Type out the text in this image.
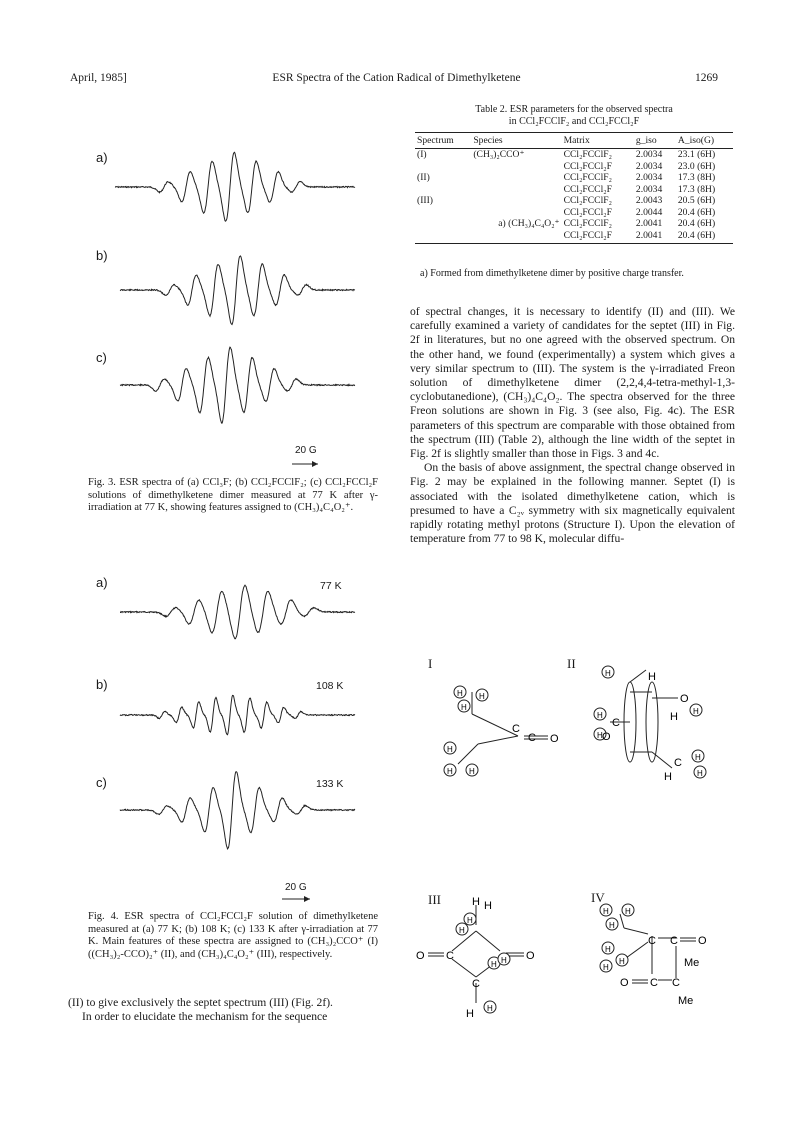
April, 1985]	ESR Spectra of the Cation Radical of Dimethylketene	1269
a)
b)
c)
20 G
Fig. 3. ESR spectra of (a) CCl₃F; (b) CCl₂FCClF₂; (c) CCl₂FCCl₂F solutions of dimethylketene dimer measured at 77 K after γ-irradiation at 77 K, showing features assigned to (CH₃)₄C₄O₂⁺.
a)
b)
c)
77 K
108 K
133 K
20 G
Fig. 4. ESR spectra of CCl₂FCCl₂F solution of dimethylketene measured at (a) 77 K; (b) 108 K; (c) 133 K after γ-irradiation at 77 K. Main features of these spectra are assigned to (CH₃)₂CCO⁺ (I) ((CH₃)₂-CCO)₂⁺ (II), and (CH₃)₄C₄O₂⁺ (III), respectively.

(II) to give exclusively the septet spectrum (III) (Fig. 2f).

In order to elucidate the mechanism for the sequence

Table 2. ESR parameters for the observed spectra
in CCl₂FCClF₂ and CCl₂FCCl₂F
Spectrum	Species	Matrix	g_iso	A_iso(G)
(I)	(CH₃)₂CCO⁺	CCl₂FCClF₂	2.0034	23.1 (6H)
		CCl₂FCCl₂F	2.0034	23.0 (6H)
(II)		CCl₂FCClF₂	2.0034	17.3 (8H)
		CCl₂FCCl₂F	2.0034	17.3 (8H)
(III)		CCl₂FCClF₂	2.0043	20.5 (6H)
		CCl₂FCCl₂F	2.0044	20.4 (6H)
	a) (CH₃)₄C₄O₂⁺	CCl₂FCClF₂	2.0041	20.4 (6H)
		CCl₂FCCl₂F	2.0041	20.4 (6H)
a) Formed from dimethylketene dimer by positive charge transfer.

of spectral changes, it is necessary to identify (II) and (III). We carefully examined a variety of candidates for the septet (III) in Fig. 2f in literatures, but no one agreed with the observed spectrum. On the other hand, we found (experimentally) a system which gives a very similar spectrum to (III). The system is the γ-irradiated Freon solution of dimethylketene dimer (2,2,4,4-tetra-methyl-1,3-cyclobutanedione), (CH₃)₄C₄O₂. The spectra observed for the three Freon solutions are shown in Fig. 3 (see also, Fig. 4c). The ESR parameters of this spectrum are comparable with those obtained from the spectrum (III) (Table 2), although the line width of the septet in Fig. 2f is slightly smaller than those in Figs. 3 and 4c.

On the basis of above assignment, the spectral change observed in Fig. 2 may be explained in the following manner. Septet (I) is associated with the isolated dimethylketene cation, which is presumed to have a C₂ᵥ symmetry with six magnetically equivalent rapidly rotating methyl protons (Structure I). Upon the elevation of temperature from 77 to 98 K, molecular diffu-

I	II
III	IV
H H
H
H
H H
C
C O
H
H
H
H
H
H
H
O
H
C
O
C
H
H
H
H H
H
H H
O C	O
C
H
H H
H
H
H
H
C C O
Me
O C C
Me
